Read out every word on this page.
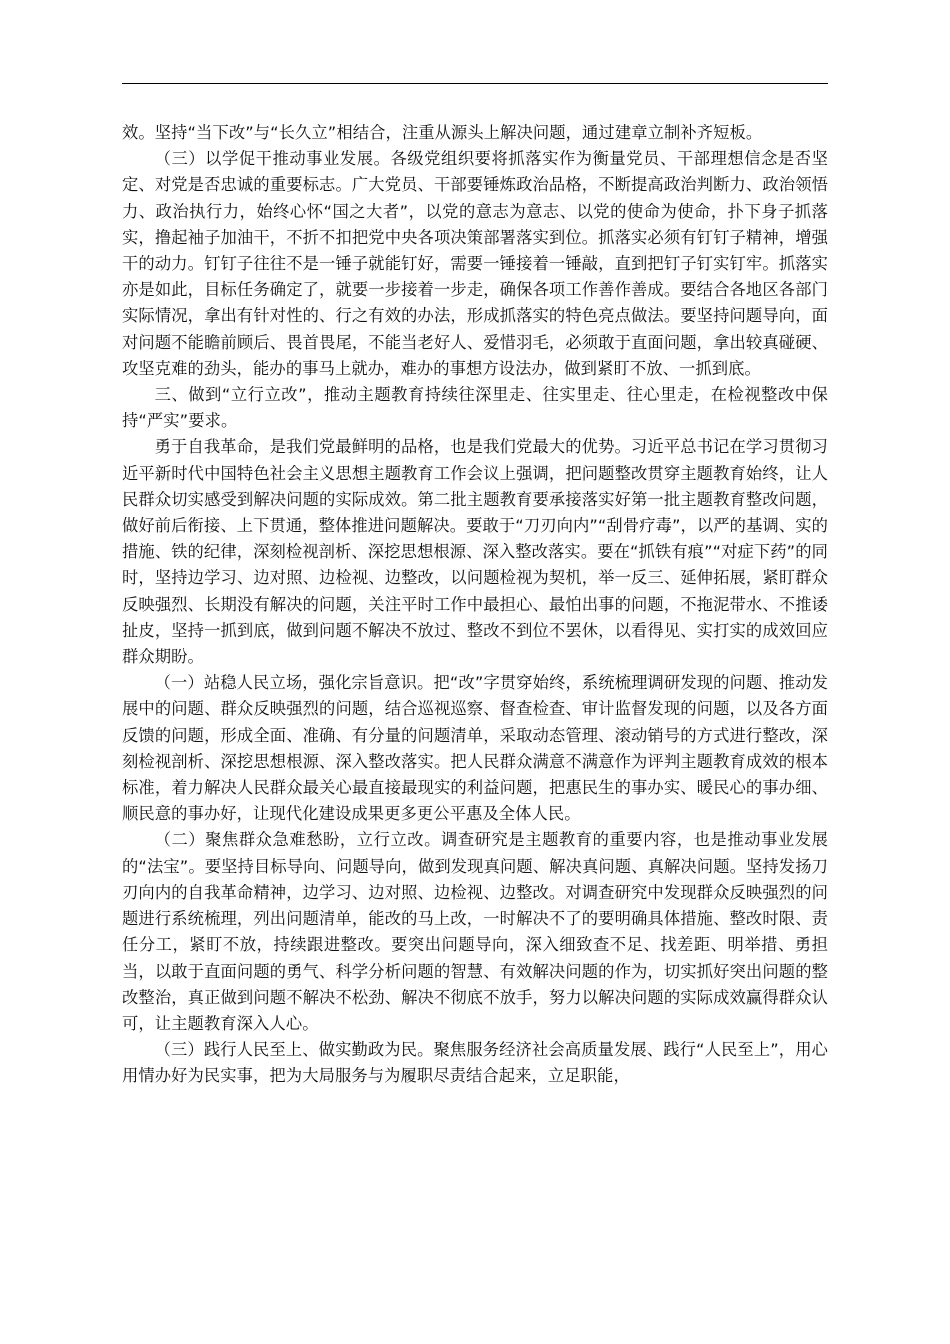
效。坚持“当下改”与“长久立”相结合，注重从源头上解决问题，通过建章立制补齐短板。

（三）以学促干推动事业发展。各级党组织要将抓落实作为衡量党员、干部理想信念是否坚定、对党是否忠诚的重要标志。广大党员、干部要锤炼政治品格，不断提高政治判断力、政治领悟力、政治执行力，始终心怀“国之大者”，以党的意志为意志、以党的使命为使命，扑下身子抓落实，撸起袖子加油干，不折不扣把党中央各项决策部署落实到位。抓落实必须有钉钉子精神，增强干的动力。钉钉子往往不是一锤子就能钉好，需要一锤接着一锤敲，直到把钉子钉实钉牢。抓落实亦是如此，目标任务确定了，就要一步接着一步走，确保各项工作善作善成。要结合各地区各部门实际情况，拿出有针对性的、行之有效的办法，形成抓落实的特色亮点做法。要坚持问题导向，面对问题不能瞻前顾后、畏首畏尾，不能当老好人、爱惜羽毛，必须敢于直面问题，拿出较真碰硬、攻坚克难的劲头，能办的事马上就办，难办的事想方设法办，做到紧盯不放、一抓到底。

三、做到“立行立改”，推动主题教育持续往深里走、往实里走、往心里走，在检视整改中保持“严实”要求。

勇于自我革命，是我们党最鲜明的品格，也是我们党最大的优势。习近平总书记在学习贯彻习近平新时代中国特色社会主义思想主题教育工作会议上强调，把问题整改贯穿主题教育始终，让人民群众切实感受到解决问题的实际成效。第二批主题教育要承接落实好第一批主题教育整改问题，做好前后衔接、上下贯通，整体推进问题解决。要敢于“刀刃向内”“刮骨疗毒”，以严的基调、实的措施、铁的纪律，深刻检视剖析、深挖思想根源、深入整改落实。要在“抓铁有痕”“对症下药”的同时，坚持边学习、边对照、边检视、边整改，以问题检视为契机，举一反三、延伸拓展，紧盯群众反映强烈、长期没有解决的问题，关注平时工作中最担心、最怕出事的问题，不拖泥带水、不推诿扯皮，坚持一抓到底，做到问题不解决不放过、整改不到位不罢休，以看得见、实打实的成效回应群众期盼。

（一）站稳人民立场，强化宗旨意识。把“改”字贯穿始终，系统梳理调研发现的问题、推动发展中的问题、群众反映强烈的问题，结合巡视巡察、督查检查、审计监督发现的问题，以及各方面反馈的问题，形成全面、准确、有分量的问题清单，采取动态管理、滚动销号的方式进行整改，深刻检视剖析、深挖思想根源、深入整改落实。把人民群众满意不满意作为评判主题教育成效的根本标准，着力解决人民群众最关心最直接最现实的利益问题，把惠民生的事办实、暖民心的事办细、顺民意的事办好，让现代化建设成果更多更公平惠及全体人民。

（二）聚焦群众急难愁盼，立行立改。调查研究是主题教育的重要内容，也是推动事业发展的“法宝”。要坚持目标导向、问题导向，做到发现真问题、解决真问题、真解决问题。坚持发扬刀刃向内的自我革命精神，边学习、边对照、边检视、边整改。对调查研究中发现群众反映强烈的问题进行系统梳理，列出问题清单，能改的马上改，一时解决不了的要明确具体措施、整改时限、责任分工，紧盯不放，持续跟进整改。要突出问题导向，深入细致查不足、找差距、明举措、勇担当，以敢于直面问题的勇气、科学分析问题的智慧、有效解决问题的作为，切实抓好突出问题的整改整治，真正做到问题不解决不松劲、解决不彻底不放手，努力以解决问题的实际成效赢得群众认可，让主题教育深入人心。

（三）践行人民至上、做实勤政为民。聚焦服务经济社会高质量发展、践行“人民至上”，用心用情办好为民实事，把为大局服务与为履职尽责结合起来，立足职能，
